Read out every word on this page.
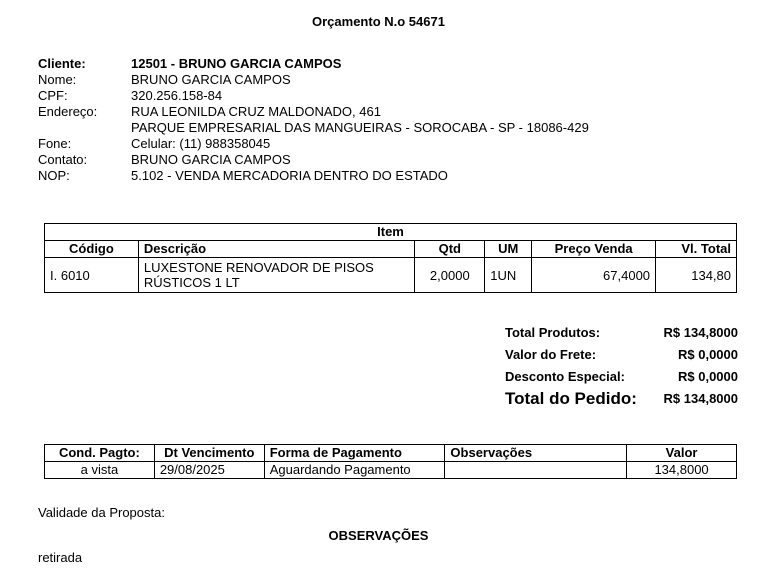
Orçamento N.o 54671
Cliente:	12501 - BRUNO GARCIA CAMPOS
Nome:	BRUNO GARCIA CAMPOS
CPF:	320.256.158-84
Endereço:	RUA LEONILDA CRUZ MALDONADO, 461
PARQUE EMPRESARIAL DAS MANGUEIRAS - SOROCABA - SP - 18086-429
Fone:	Celular: (11) 988358045
Contato:	BRUNO GARCIA CAMPOS
NOP:	5.102 - VENDA MERCADORIA DENTRO DO ESTADO
Item					
Código	Descrição	Qtd	UM	Preço Venda	Vl. Total
I. 6010	LUXESTONE RENOVADOR DE PISOS RÚSTICOS 1 LT	2,0000	1UN	67,4000	134,80
Total Produtos:	R$ 134,8000
Valor do Frete:	R$ 0,0000
Desconto Especial:	R$ 0,0000
Total do Pedido: R$ 134,8000
Cond. Pagto:	Dt Vencimento	Forma de Pagamento	Observações	Valor
a vista	29/08/2025	Aguardando Pagamento		134,8000
Validade da Proposta:
OBSERVAÇÕES
retirada
